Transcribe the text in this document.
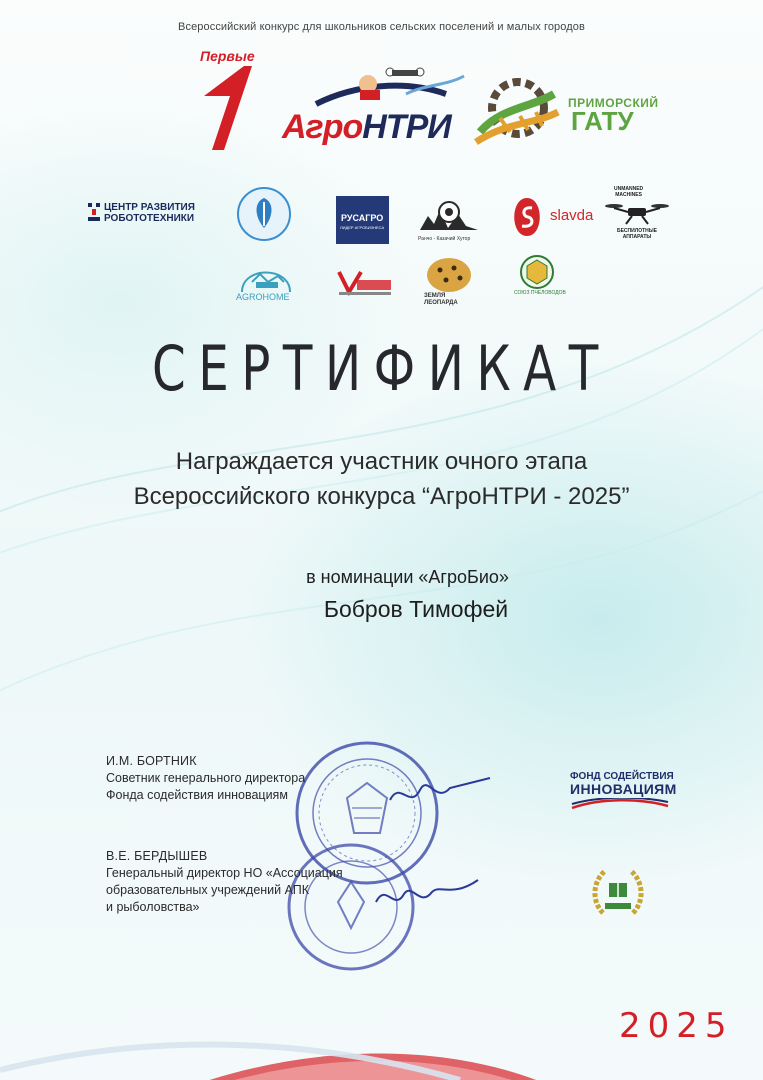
Всероссийский конкурс для школьников сельских поселений и малых городов
Первые
АгроНТРИ
ПРИМОРСКИЙ
ГАТУ
ЦЕНТР РАЗВИТИЯ
РОБОТОТЕХНИКИ	РУСАГРО
ЛИДЕР АГРОБИЗНЕСА
Ранчо - Казачий Хутор
slavda
UNMANNED
MACHINES
БЕСПИЛОТНЫЕ
АППАРАТЫ
AGROHOME	ЗЕМЛЯ
ЛЕОПАРДА
СОЮЗ ПЧЕЛОВОДОВ
СЕРТИФИКАТ
Награждается участник очного этапа
Всероссийского конкурса “АгроНТРИ - 2025”
в номинации «АгроБио»
Бобров Тимофей
И.М. БОРТНИК
Советник генерального директора
Фонда содействия инновациям
В.Е. БЕРДЫШЕВ
Генеральный директор НО «Ассоциация
образовательных учреждений АПК
и рыболовства»
ФОНД СОДЕЙСТВИЯ
ИННОВАЦИЯМ
2025
